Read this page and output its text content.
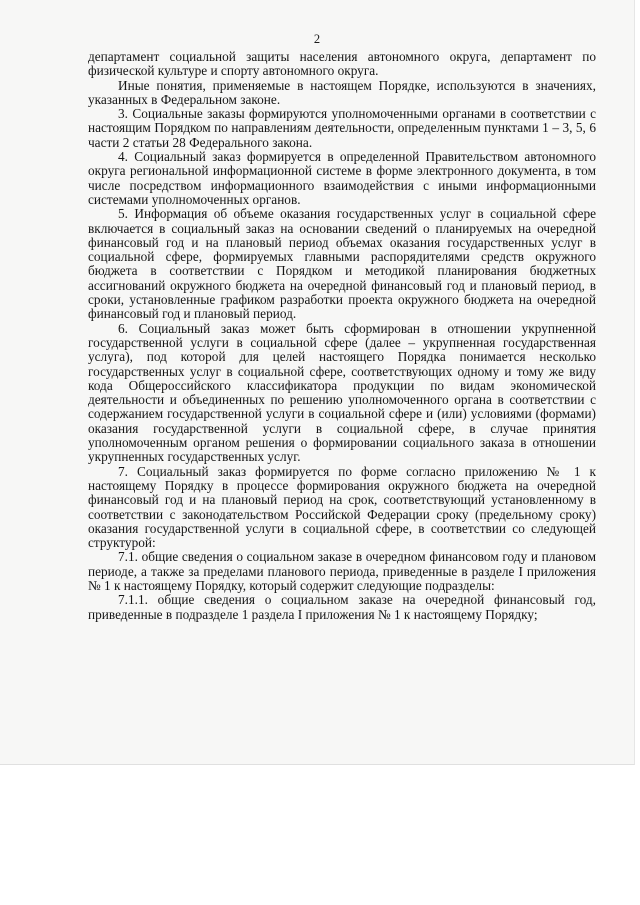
2

департамент социальной защиты населения автономного округа, департамент по физической культуре и спорту автономного округа.

Иные понятия, применяемые в настоящем Порядке, используются в значениях, указанных в Федеральном законе.

3. Социальные заказы формируются уполномоченными органами в соответствии с настоящим Порядком по направлениям деятельности, определенным пунктами 1 – 3, 5, 6 части 2 статьи 28 Федерального закона.

4. Социальный заказ формируется в определенной Правительством автономного округа региональной информационной системе в форме электронного документа, в том числе посредством информационного взаимодействия с иными информационными системами уполномоченных органов.

5. Информация об объеме оказания государственных услуг в социальной сфере включается в социальный заказ на основании сведений о планируемых на очередной финансовый год и на плановый период объемах оказания государственных услуг в социальной сфере, формируемых главными распорядителями средств окружного бюджета в соответствии с Порядком и методикой планирования бюджетных ассигнований окружного бюджета на очередной финансовый год и плановый период, в сроки, установленные графиком разработки проекта окружного бюджета на очередной финансовый год и плановый период.

6. Социальный заказ может быть сформирован в отношении укрупненной государственной услуги в социальной сфере (далее – укрупненная государственная услуга), под которой для целей настоящего Порядка понимается несколько государственных услуг в социальной сфере, соответствующих одному и тому же виду кода Общероссийского классификатора продукции по видам экономической деятельности и объединенных по решению уполномоченного органа в соответствии с содержанием государственной услуги в социальной сфере и (или) условиями (формами) оказания государственной услуги в социальной сфере, в случае принятия уполномоченным органом решения о формировании социального заказа в отношении укрупненных государственных услуг.

7. Социальный заказ формируется по форме согласно приложению № 1 к настоящему Порядку в процессе формирования окружного бюджета на очередной финансовый год и на плановый период на срок, соответствующий установленному в соответствии с законодательством Российской Федерации сроку (предельному сроку) оказания государственной услуги в социальной сфере, в соответствии со следующей структурой:

7.1. общие сведения о социальном заказе в очередном финансовом году и плановом периоде, а также за пределами планового периода, приведенные в разделе I приложения № 1 к настоящему Порядку, который содержит следующие подразделы:

7.1.1. общие сведения о социальном заказе на очередной финансовый год, приведенные в подразделе 1 раздела I приложения № 1 к настоящему Порядку;
